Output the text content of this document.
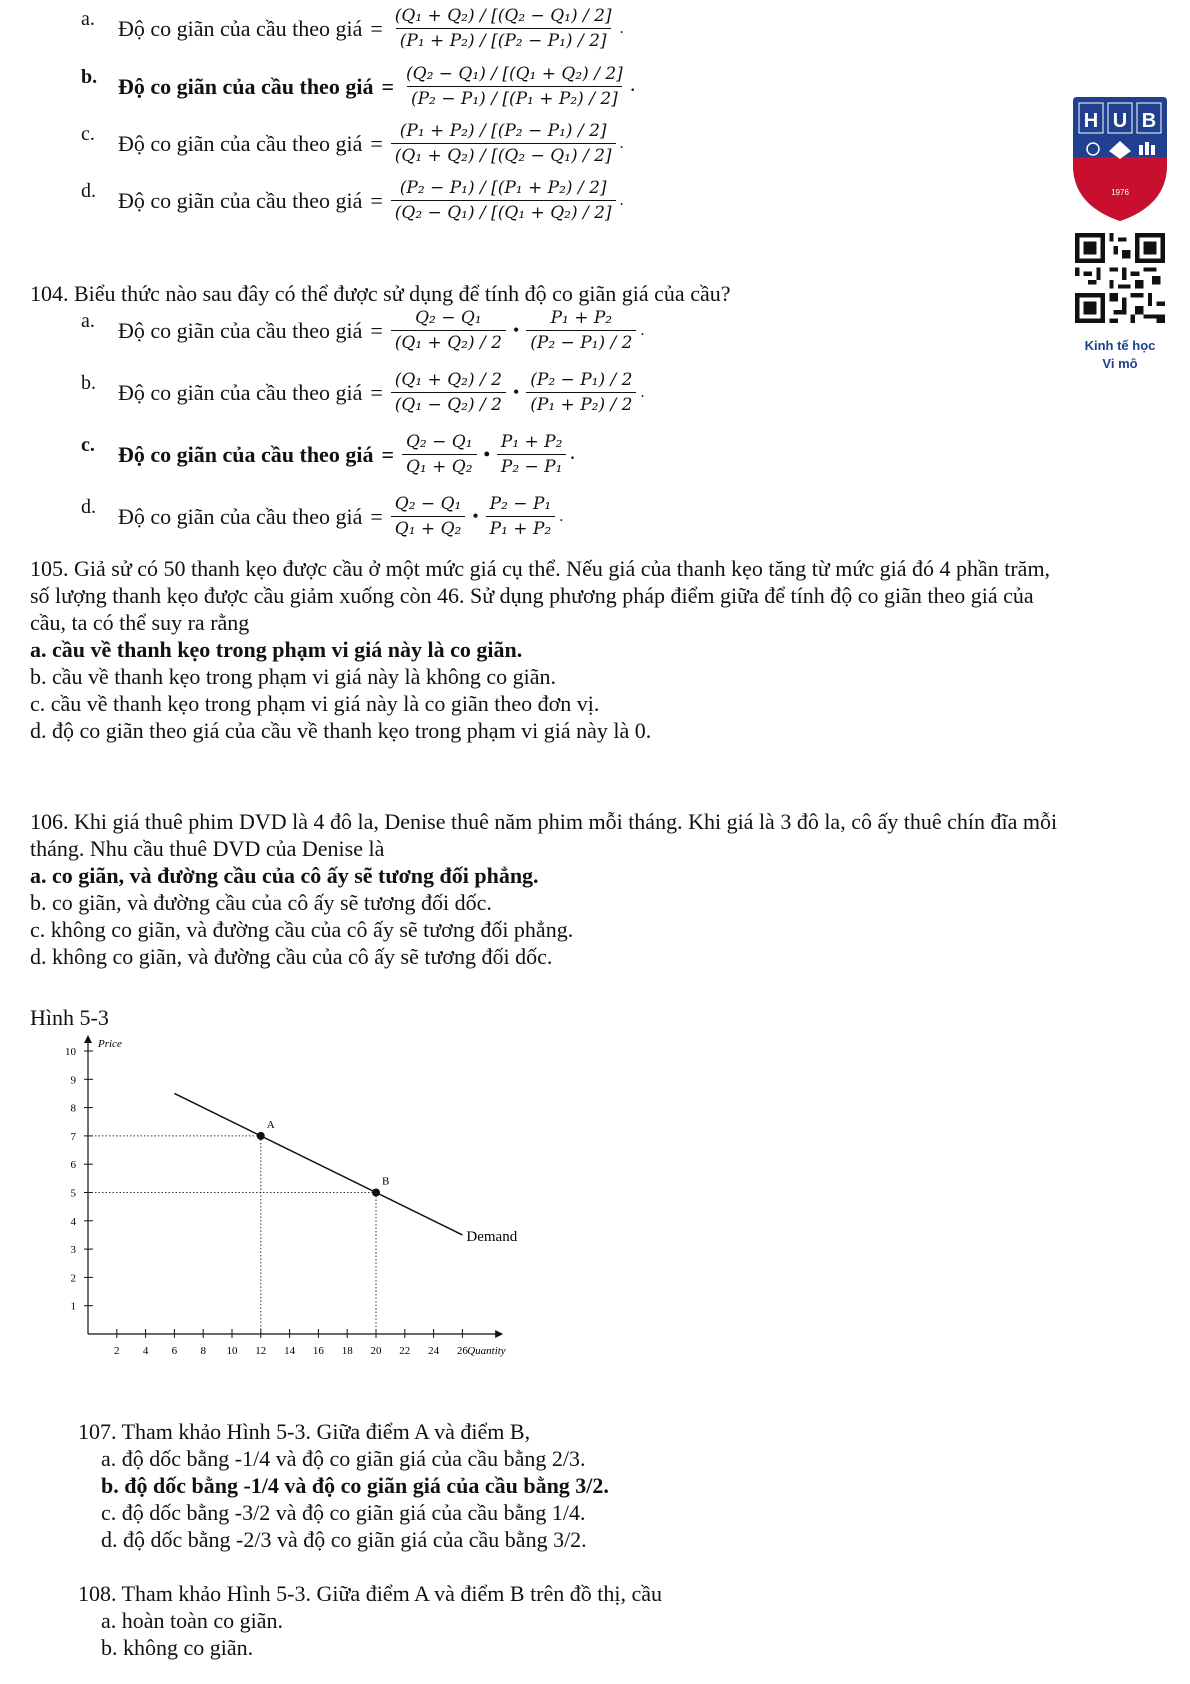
a. Độ co giãn của cầu theo giá = $\frac{\text{(Q₁ + Q₂) / [(Q₂ − Q₁) / 2]}}{\text{(P₁ + P₂) / [(P₂ − P₁) / 2]}}$ .
b. Độ co giãn của cầu theo giá = $\frac{\text{(Q₂ − Q₁) / [(Q₁ + Q₂) / 2]}}{\text{(P₂ − P₁) / [(P₁ + P₂) / 2]}}$ .
c. Độ co giãn của cầu theo giá = $\frac{\text{(P₁ + P₂) / [(P₂ − P₁) / 2]}}{\text{(Q₁ + Q₂) / [(Q₂ − Q₁) / 2]}}$ .
d. Độ co giãn của cầu theo giá = $\frac{\text{(P₂ − P₁) / [(P₁ + P₂) / 2]}}{\text{(Q₂ − Q₁) / [(Q₁ + Q₂) / 2]}}$ .
H U B
1976
Kinh tế học
Vi mô
104. Biểu thức nào sau đây có thể được sử dụng để tính độ co giãn giá của cầu?
a. Độ co giãn của cầu theo giá = $\frac{\text{Q₂ − Q₁}}{\text{(Q₁ + Q₂) / 2}}$ • $\frac{\text{P₁ + P₂}}{\text{(P₂ − P₁) / 2}}$ .
b. Độ co giãn của cầu theo giá = $\frac{\text{(Q₁ + Q₂) / 2}}{\text{(Q₁ − Q₂) / 2}}$ • $\frac{\text{(P₂ − P₁) / 2}}{\text{(P₁ + P₂) / 2}}$ .
c. Độ co giãn của cầu theo giá = $\frac{\text{Q₂ − Q₁}}{\text{Q₁ + Q₂}}$ • $\frac{\text{P₁ + P₂}}{\text{P₂ − P₁}}$ .
d. Độ co giãn của cầu theo giá = $\frac{\text{Q₂ − Q₁}}{\text{Q₁ + Q₂}}$ • $\frac{\text{P₂ − P₁}}{\text{P₁ + P₂}}$ .
105. Giả sử có 50 thanh kẹo được cầu ở một mức giá cụ thể. Nếu giá của thanh kẹo tăng từ mức giá đó 4 phần trăm,
số lượng thanh kẹo được cầu giảm xuống còn 46. Sử dụng phương pháp điểm giữa để tính độ co giãn theo giá của
cầu, ta có thể suy ra rằng
a. cầu về thanh kẹo trong phạm vi giá này là co giãn.
b. cầu về thanh kẹo trong phạm vi giá này là không co giãn.
c. cầu về thanh kẹo trong phạm vi giá này là co giãn theo đơn vị.
d. độ co giãn theo giá của cầu về thanh kẹo trong phạm vi giá này là 0.
106. Khi giá thuê phim DVD là 4 đô la, Denise thuê năm phim mỗi tháng. Khi giá là 3 đô la, cô ấy thuê chín đĩa mỗi
tháng. Nhu cầu thuê DVD của Denise là
a. co giãn, và đường cầu của cô ấy sẽ tương đối phẳng.
b. co giãn, và đường cầu của cô ấy sẽ tương đối dốc.
c. không co giãn, và đường cầu của cô ấy sẽ tương đối phẳng.
d. không co giãn, và đường cầu của cô ấy sẽ tương đối dốc.
Hình 5-3
1
2
3
4
5
6
7
8
9
10
2 4 6 8 10 12 14 16 18 20 22 24 26
Price
Quantity
Demand
A
B
107. Tham khảo Hình 5-3. Giữa điểm A và điểm B,
a. độ dốc bằng -1/4 và độ co giãn giá của cầu bằng 2/3.
b. độ dốc bằng -1/4 và độ co giãn giá của cầu bằng 3/2.
c. độ dốc bằng -3/2 và độ co giãn giá của cầu bằng 1/4.
d. độ dốc bằng -2/3 và độ co giãn giá của cầu bằng 3/2.
108. Tham khảo Hình 5-3. Giữa điểm A và điểm B trên đồ thị, cầu
a. hoàn toàn co giãn.
b. không co giãn.
